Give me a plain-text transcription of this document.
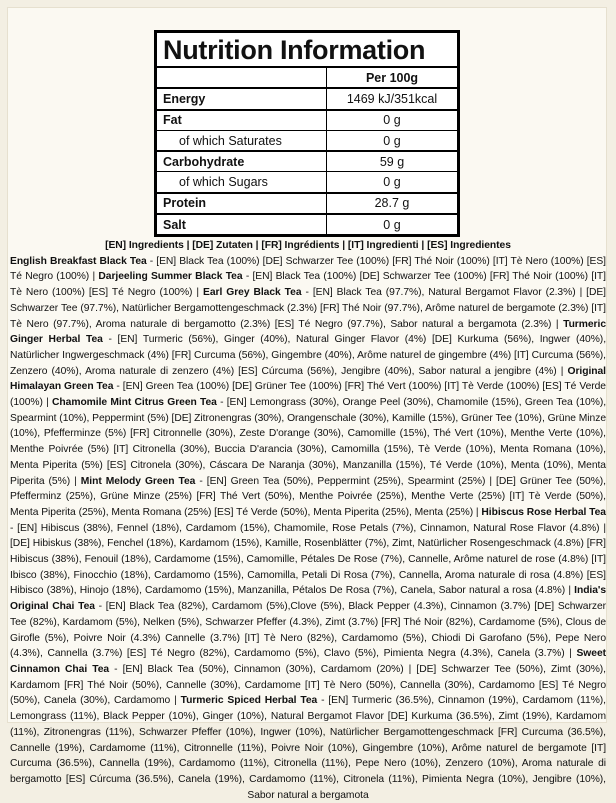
Nutrition Information
	Per 100g
Energy	1469 kJ/351kcal
Fat	0 g
of which Saturates	0 g
Carbohydrate	59 g
of which Sugars	0 g
Protein	28.7 g
Salt	0 g
[EN] Ingredients | [DE] Zutaten | [FR] Ingrédients | [IT] Ingredienti | [ES] Ingredientes
English Breakfast Black Tea - [EN] Black Tea (100%) [DE] Schwarzer Tee (100%) [FR] Thé Noir (100%) [IT] Tè Nero (100%) [ES] Té Negro (100%) | Darjeeling Summer Black Tea - [EN] Black Tea (100%) [DE] Schwarzer Tee (100%) [FR] Thé Noir (100%) [IT] Tè Nero (100%) [ES] Té Negro (100%) | Earl Grey Black Tea - [EN] Black Tea (97.7%), Natural Bergamot Flavor (2.3%) | [DE] Schwarzer Tee (97.7%), Natürlicher Bergamottengeschmack (2.3%) [FR] Thé Noir (97.7%), Arôme naturel de bergamote (2.3%) [IT] Tè Nero (97.7%), Aroma naturale di bergamotto (2.3%) [ES] Té Negro (97.7%), Sabor natural a bergamota (2.3%) | Turmeric Ginger Herbal Tea - [EN] Turmeric (56%), Ginger (40%), Natural Ginger Flavor (4%) [DE] Kurkuma (56%), Ingwer (40%), Natürlicher Ingwergeschmack (4%) [FR] Curcuma (56%), Gingembre (40%), Arôme naturel de gingembre (4%) [IT] Curcuma (56%), Zenzero (40%), Aroma naturale di zenzero (4%) [ES] Cúrcuma (56%), Jengibre (40%), Sabor natural a jengibre (4%) | Original Himalayan Green Tea - [EN] Green Tea (100%) [DE] Grüner Tee (100%) [FR] Thé Vert (100%) [IT] Tè Verde (100%) [ES] Té Verde (100%) | Chamomile Mint Citrus Green Tea - [EN] Lemongrass (30%), Orange Peel (30%), Chamomile (15%), Green Tea (10%), Spearmint (10%), Peppermint (5%) [DE] Zitronengras (30%), Orangenschale (30%), Kamille (15%), Grüner Tee (10%), Grüne Minze (10%), Pfefferminze (5%) [FR] Citronnelle (30%), Zeste D'orange (30%), Camomille (15%), Thé Vert (10%), Menthe Verte (10%), Menthe Poivrée (5%) [IT] Citronella (30%), Buccia D'arancia (30%), Camomilla (15%), Tè Verde (10%), Menta Romana (10%), Menta Piperita (5%) [ES] Citronela (30%), Cáscara De Naranja (30%), Manzanilla (15%), Té Verde (10%), Menta (10%), Menta Piperita (5%) | Mint Melody Green Tea - [EN] Green Tea (50%), Peppermint (25%), Spearmint (25%) | [DE] Grüner Tee (50%), Pfefferminz (25%), Grüne Minze (25%) [FR] Thé Vert (50%), Menthe Poivrée (25%), Menthe Verte (25%) [IT] Tè Verde (50%), Menta Piperita (25%), Menta Romana (25%) [ES] Té Verde (50%), Menta Piperita (25%), Menta (25%) | Hibiscus Rose Herbal Tea - [EN] Hibiscus (38%), Fennel (18%), Cardamom (15%), Chamomile, Rose Petals (7%), Cinnamon, Natural Rose Flavor (4.8%) | [DE] Hibiskus (38%), Fenchel (18%), Kardamom (15%), Kamille, Rosenblätter (7%), Zimt, Natürlicher Rosengeschmack (4.8%) [FR] Hibiscus (38%), Fenouil (18%), Cardamome (15%), Camomille, Pétales De Rose (7%), Cannelle, Arôme naturel de rose (4.8%) [IT] Ibisco (38%), Finocchio (18%), Cardamomo (15%), Camomilla, Petali Di Rosa (7%), Cannella, Aroma naturale di rosa (4.8%) [ES] Hibisco (38%), Hinojo (18%), Cardamomo (15%), Manzanilla, Pétalos De Rosa (7%), Canela, Sabor natural a rosa (4.8%) | India's Original Chai Tea - [EN] Black Tea (82%), Cardamom (5%),Clove (5%), Black Pepper (4.3%), Cinnamon (3.7%) [DE] Schwarzer Tee (82%), Kardamom (5%), Nelken (5%), Schwarzer Pfeffer (4.3%), Zimt (3.7%) [FR] Thé Noir (82%), Cardamome (5%), Clous de Girofle (5%), Poivre Noir (4.3%) Cannelle (3.7%) [IT] Tè Nero (82%), Cardamomo (5%), Chiodi Di Garofano (5%), Pepe Nero (4.3%), Cannella (3.7%) [ES] Té Negro (82%), Cardamomo (5%), Clavo (5%), Pimienta Negra (4.3%), Canela (3.7%) | Sweet Cinnamon Chai Tea - [EN] Black Tea (50%), Cinnamon (30%), Cardamom (20%) | [DE] Schwarzer Tee (50%), Zimt (30%), Kardamom [FR] Thé Noir (50%), Cannelle (30%), Cardamome [IT] Tè Nero (50%), Cannella (30%), Cardamomo [ES] Té Negro (50%), Canela (30%), Cardamomo | Turmeric Spiced Herbal Tea - [EN] Turmeric (36.5%), Cinnamon (19%), Cardamom (11%), Lemongrass (11%), Black Pepper (10%), Ginger (10%), Natural Bergamot Flavor [DE] Kurkuma (36.5%), Zimt (19%), Kardamom (11%), Zitronengras (11%), Schwarzer Pfeffer (10%), Ingwer (10%), Natürlicher Bergamottengeschmack [FR] Curcuma (36.5%), Cannelle (19%), Cardamome (11%), Citronnelle (11%), Poivre Noir (10%), Gingembre (10%), Arôme naturel de bergamote [IT] Curcuma (36.5%), Cannella (19%), Cardamomo (11%), Citronella (11%), Pepe Nero (10%), Zenzero (10%), Aroma naturale di bergamotto [ES] Cúrcuma (36.5%), Canela (19%), Cardamomo (11%), Citronela (11%), Pimienta Negra (10%), Jengibre (10%), Sabor natural a bergamota
